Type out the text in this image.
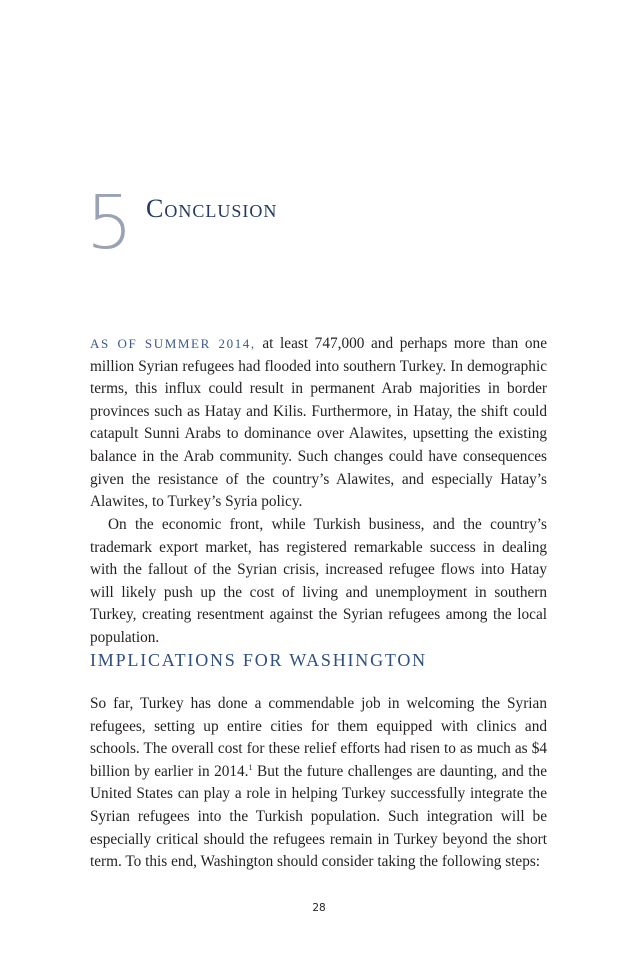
5 Conclusion

AS OF SUMMER 2014, at least 747,000 and perhaps more than one million Syrian refugees had flooded into southern Turkey. In demographic terms, this influx could result in permanent Arab majorities in border provinces such as Hatay and Kilis. Furthermore, in Hatay, the shift could catapult Sunni Arabs to dominance over Alawites, upsetting the existing balance in the Arab community. Such changes could have consequences given the resistance of the country’s Alawites, and especially Hatay’s Alawites, to Turkey’s Syria policy.

On the economic front, while Turkish business, and the country’s trademark export market, has registered remarkable success in dealing with the fallout of the Syrian crisis, increased refugee flows into Hatay will likely push up the cost of living and unemployment in southern Turkey, creating resentment against the Syrian refugees among the local population.

IMPLICATIONS FOR WASHINGTON

So far, Turkey has done a commendable job in welcoming the Syrian refugees, setting up entire cities for them equipped with clinics and schools. The overall cost for these relief efforts had risen to as much as $4 billion by earlier in 2014.$^1$ But the future challenges are daunting, and the United States can play a role in helping Turkey successfully integrate the Syrian refugees into the Turkish population. Such integration will be especially critical should the refugees remain in Turkey beyond the short term. To this end, Washington should consider taking the following steps:

28
